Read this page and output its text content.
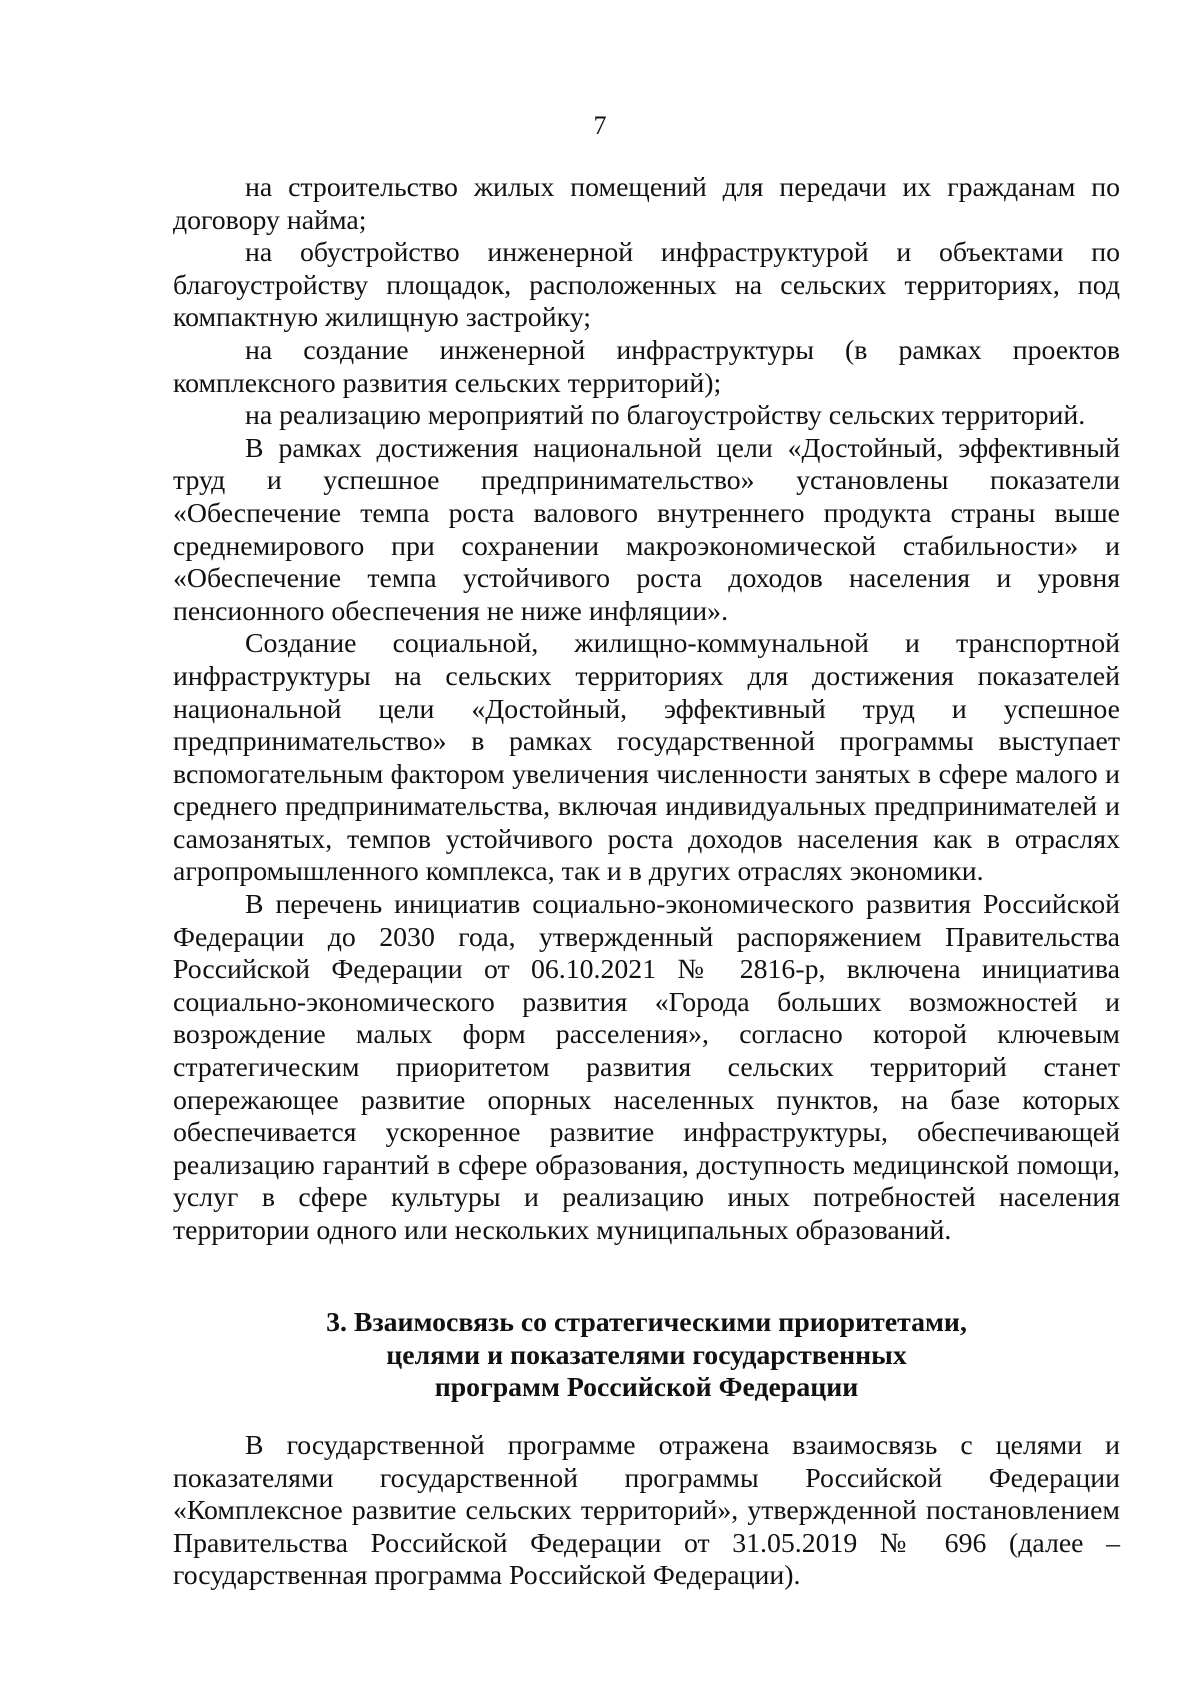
7

на строительство жилых помещений для передачи их гражданам по договору найма;

на обустройство инженерной инфраструктурой и объектами по благоустройству площадок, расположенных на сельских территориях, под компактную жилищную застройку;

на создание инженерной инфраструктуры (в рамках проектов комплексного развития сельских территорий);

на реализацию мероприятий по благоустройству сельских территорий.

В рамках достижения национальной цели «Достойный, эффективный труд и успешное предпринимательство» установлены показатели «Обеспечение темпа роста валового внутреннего продукта страны выше среднемирового при сохранении макроэкономической стабильности» и «Обеспечение темпа устойчивого роста доходов населения и уровня пенсионного обеспечения не ниже инфляции».

Создание социальной, жилищно-коммунальной и транспортной инфраструктуры на сельских территориях для достижения показателей национальной цели «Достойный, эффективный труд и успешное предпринимательство» в рамках государственной программы выступает вспомогательным фактором увеличения численности занятых в сфере малого и среднего предпринимательства, включая индивидуальных предпринимателей и самозанятых, темпов устойчивого роста доходов населения как в отраслях агропромышленного комплекса, так и в других отраслях экономики.

В перечень инициатив социально-экономического развития Российской Федерации до 2030 года, утвержденный распоряжением Правительства Российской Федерации от 06.10.2021 № 2816-р, включена инициатива социально-экономического развития «Города больших возможностей и возрождение малых форм расселения», согласно которой ключевым стратегическим приоритетом развития сельских территорий станет опережающее развитие опорных населенных пунктов, на базе которых обеспечивается ускоренное развитие инфраструктуры, обеспечивающей реализацию гарантий в сфере образования, доступность медицинской помощи, услуг в сфере культуры и реализацию иных потребностей населения территории одного или нескольких муниципальных образований.

3. Взаимосвязь со стратегическими приоритетами,
целями и показателями государственных
программ Российской Федерации

В государственной программе отражена взаимосвязь с целями и показателями государственной программы Российской Федерации «Комплексное развитие сельских территорий», утвержденной постановлением Правительства Российской Федерации от 31.05.2019 № 696 (далее – государственная программа Российской Федерации).
